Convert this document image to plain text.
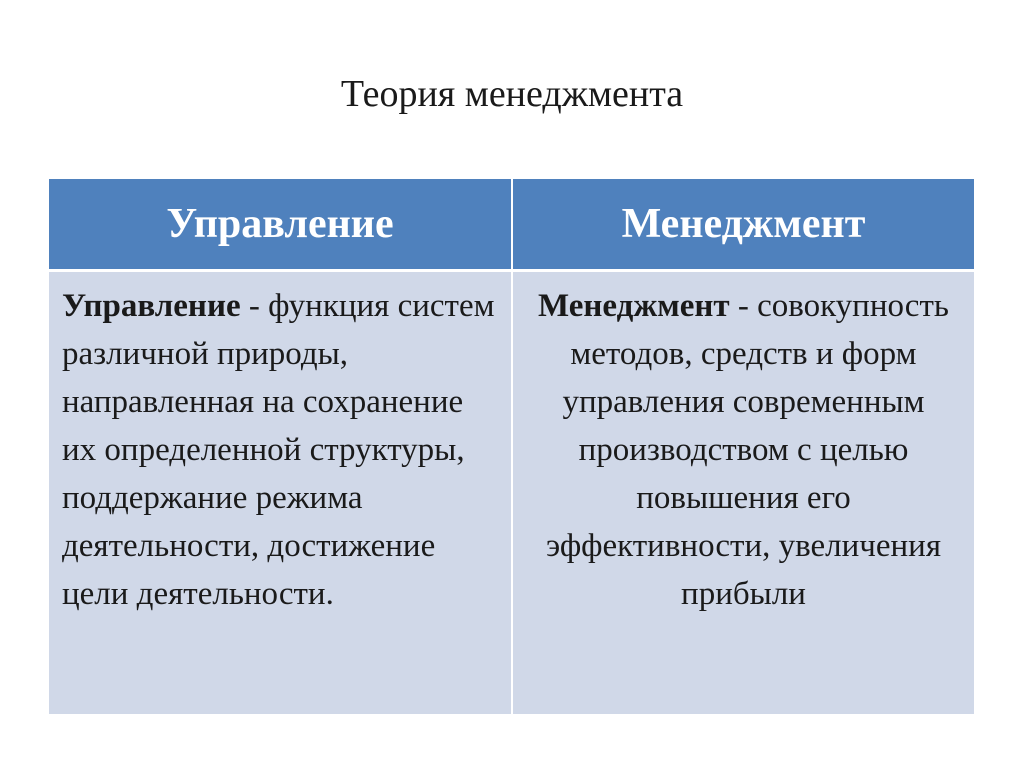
Теория менеджмента
Управление	Менеджмент
Управление - функция систем различной природы, направленная на сохранение их определенной структуры, поддержание режима деятельности, достижение цели деятельности.	Менеджмент - совокупность методов, средств и форм управления современным производством с целью повышения его эффективности, увеличения прибыли
